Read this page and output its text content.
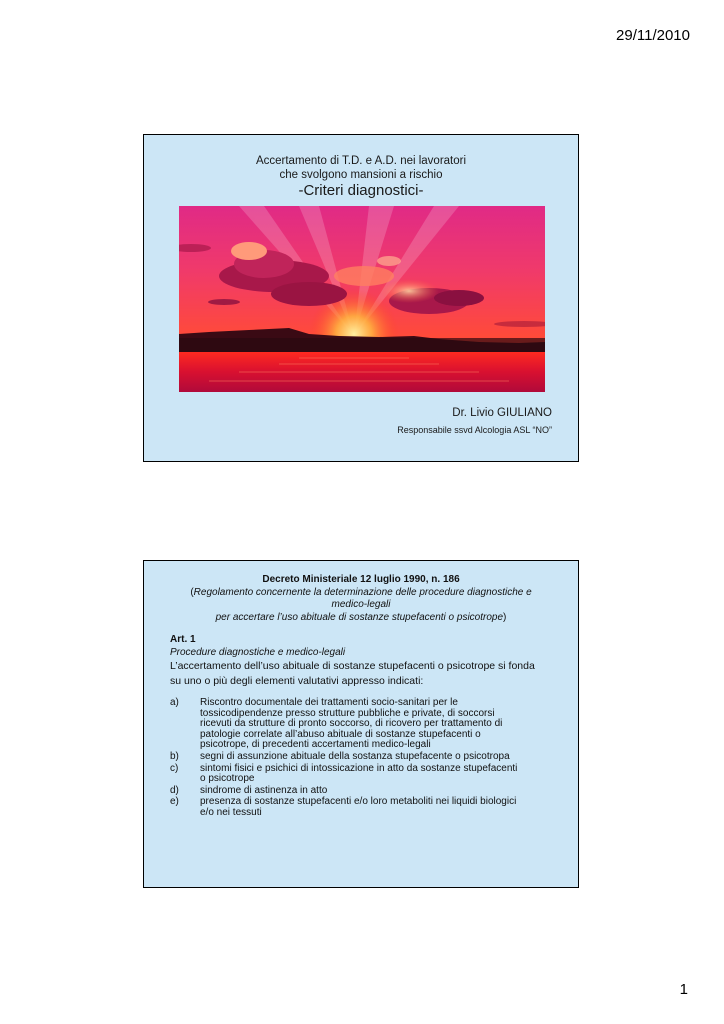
29/11/2010
Accertamento di T.D. e A.D. nei lavoratori
che svolgono mansioni a rischio
-Criteri diagnostici-
Dr. Livio GIULIANO
Responsabile ssvd Alcologia ASL “NO”
Decreto Ministeriale 12 luglio 1990, n. 186
(Regolamento concernente la determinazione delle procedure diagnostiche e
medico-legali
per accertare l’uso abituale di sostanze stupefacenti o psicotrope)
Art. 1
Procedure diagnostiche e medico-legali
L’accertamento dell’uso abituale di sostanze stupefacenti o psicotrope si fonda
su uno o più degli elementi valutativi appresso indicati:
a)	Riscontro documentale dei trattamenti socio-sanitari per le
tossicodipendenze presso strutture pubbliche e private, di soccorsi
ricevuti da strutture di pronto soccorso, di ricovero per trattamento di
patologie correlate all’abuso abituale di sostanze stupefacenti o
psicotrope, di precedenti accertamenti medico-legali
b)	segni di assunzione abituale della sostanza stupefacente o psicotropa
c)	sintomi fisici e psichici di intossicazione in atto da sostanze stupefacenti
o psicotrope
d)	sindrome di astinenza in atto
e)	presenza di sostanze stupefacenti e/o loro metaboliti nei liquidi biologici
e/o nei tessuti
1
